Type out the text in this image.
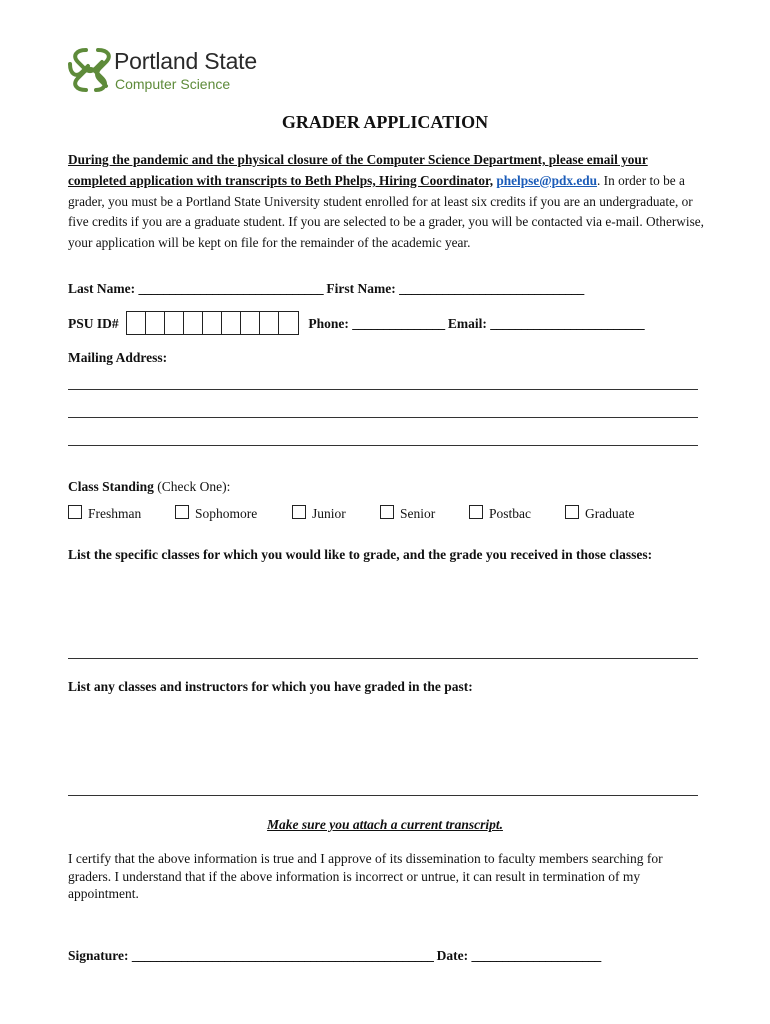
Portland State
Computer Science
GRADER APPLICATION
During the pandemic and the physical closure of the Computer Science Department, please email your completed application with transcripts to Beth Phelps, Hiring Coordinator, phelpse@pdx.edu. In order to be a grader, you must be a Portland State University student enrolled for at least six credits if you are an undergraduate, or five credits if you are a graduate student. If you are selected to be a grader, you will be contacted via e-mail. Otherwise, your application will be kept on file for the remainder of the academic year.
Last Name: ______________________________ First Name: ______________________________
PSU ID#	Phone: _______________ Email: _________________________
Mailing Address:
Class Standing (Check One):
Freshman	Sophomore	Junior	Senior	Postbac	Graduate
List the specific classes for which you would like to grade, and the grade you received in those classes:
List any classes and instructors for which you have graded in the past:
Make sure you attach a current transcript.
I certify that the above information is true and I approve of its dissemination to faculty members searching for graders. I understand that if the above information is incorrect or untrue, it can result in termination of my appointment.
Signature: _________________________________________________ Date: _____________________
